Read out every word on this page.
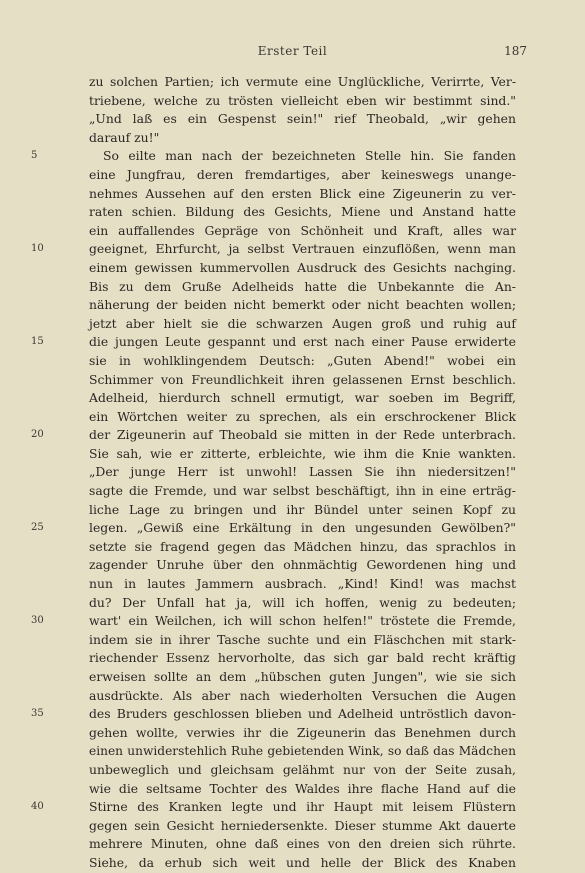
Erster Teil	187
zu solchen Partien; ich vermute eine Unglückliche, Verirrte, Ver-
triebene, welche zu trösten vielleicht eben wir bestimmt sind."
„Und laß es ein Gespenst sein!" rief Theobald, „wir gehen
darauf zu!"
5	So eilte man nach der bezeichneten Stelle hin. Sie fanden
eine Jungfrau, deren fremdartiges, aber keineswegs unange-
nehmes Aussehen auf den ersten Blick eine Zigeunerin zu ver-
raten schien. Bildung des Gesichts, Miene und Anstand hatte
ein auffallendes Gepräge von Schönheit und Kraft, alles war
10	geeignet, Ehrfurcht, ja selbst Vertrauen einzuflößen, wenn man
einem gewissen kummervollen Ausdruck des Gesichts nachging.
Bis zu dem Gruße Adelheids hatte die Unbekannte die An-
näherung der beiden nicht bemerkt oder nicht beachten wollen;
jetzt aber hielt sie die schwarzen Augen groß und ruhig auf
15	die jungen Leute gespannt und erst nach einer Pause erwiderte
sie in wohlklingendem Deutsch: „Guten Abend!" wobei ein
Schimmer von Freundlichkeit ihren gelassenen Ernst beschlich.
Adelheid, hierdurch schnell ermutigt, war soeben im Begriff,
ein Wörtchen weiter zu sprechen, als ein erschrockener Blick
20	der Zigeunerin auf Theobald sie mitten in der Rede unterbrach.
Sie sah, wie er zitterte, erbleichte, wie ihm die Knie wankten.
„Der junge Herr ist unwohl! Lassen Sie ihn niedersitzen!"
sagte die Fremde, und war selbst beschäftigt, ihn in eine erträg-
liche Lage zu bringen und ihr Bündel unter seinen Kopf zu
25	legen. „Gewiß eine Erkältung in den ungesunden Gewölben?"
setzte sie fragend gegen das Mädchen hinzu, das sprachlos in
zagender Unruhe über den ohnmächtig Gewordenen hing und
nun in lautes Jammern ausbrach. „Kind! Kind! was machst
du? Der Unfall hat ja, will ich hoffen, wenig zu bedeuten;
30	wart' ein Weilchen, ich will schon helfen!" tröstete die Fremde,
indem sie in ihrer Tasche suchte und ein Fläschchen mit stark-
riechender Essenz hervorholte, das sich gar bald recht kräftig
erweisen sollte an dem „hübschen guten Jungen", wie sie sich
ausdrückte. Als aber nach wiederholten Versuchen die Augen
35	des Bruders geschlossen blieben und Adelheid untröstlich davon-
gehen wollte, verwies ihr die Zigeunerin das Benehmen durch
einen unwiderstehlich Ruhe gebietenden Wink, so daß das Mädchen
unbeweglich und gleichsam gelähmt nur von der Seite zusah,
wie die seltsame Tochter des Waldes ihre flache Hand auf die
40	Stirne des Kranken legte und ihr Haupt mit leisem Flüstern
gegen sein Gesicht herniedersenkte. Dieser stumme Akt dauerte
mehrere Minuten, ohne daß eines von den dreien sich rührte.
Siehe, da erhub sich weit und helle der Blick des Knaben
